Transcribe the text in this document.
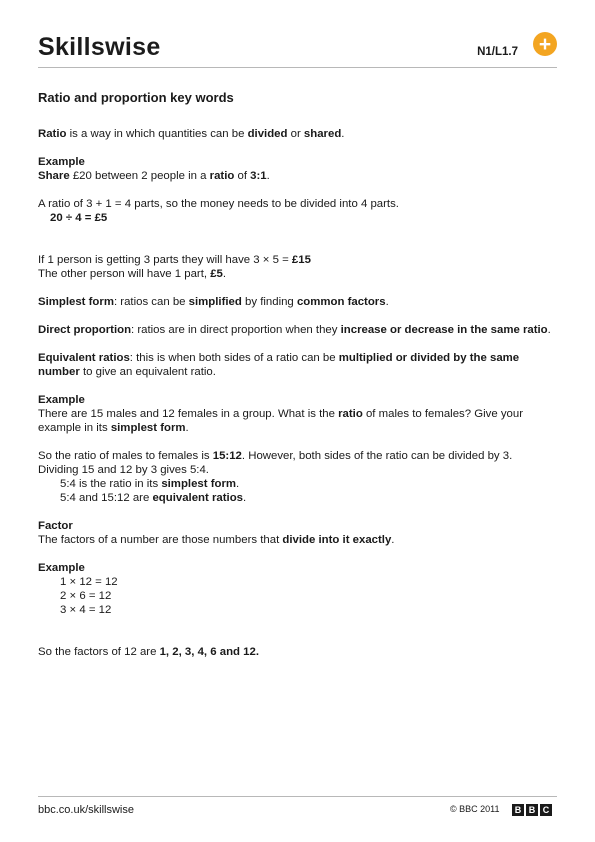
Skillswise	N1/L1.7 +
Ratio and proportion key words

Ratio is a way in which quantities can be divided or shared.

Example

Share £20 between 2 people in a ratio of 3:1.

A ratio of 3 + 1 = 4 parts, so the money needs to be divided into 4 parts.

20 ÷ 4 = £5

If 1 person is getting 3 parts they will have 3 × 5 = £15

The other person will have 1 part, £5.

Simplest form: ratios can be simplified by finding common factors.

Direct proportion: ratios are in direct proportion when they increase or decrease in the same ratio.

Equivalent ratios: this is when both sides of a ratio can be multiplied or divided by the same number to give an equivalent ratio.

Example

There are 15 males and 12 females in a group. What is the ratio of males to females? Give your example in its simplest form.

So the ratio of males to females is 15:12. However, both sides of the ratio can be divided by 3.

Dividing 15 and 12 by 3 gives 5:4.

5:4 is the ratio in its simplest form.

5:4 and 15:12 are equivalent ratios.

Factor

The factors of a number are those numbers that divide into it exactly.

Example

1 × 12 = 12

2 × 6 = 12

3 × 4 = 12

So the factors of 12 are 1, 2, 3, 4, 6 and 12.

bbc.co.uk/skillswise	© BBC 2011	B B C
